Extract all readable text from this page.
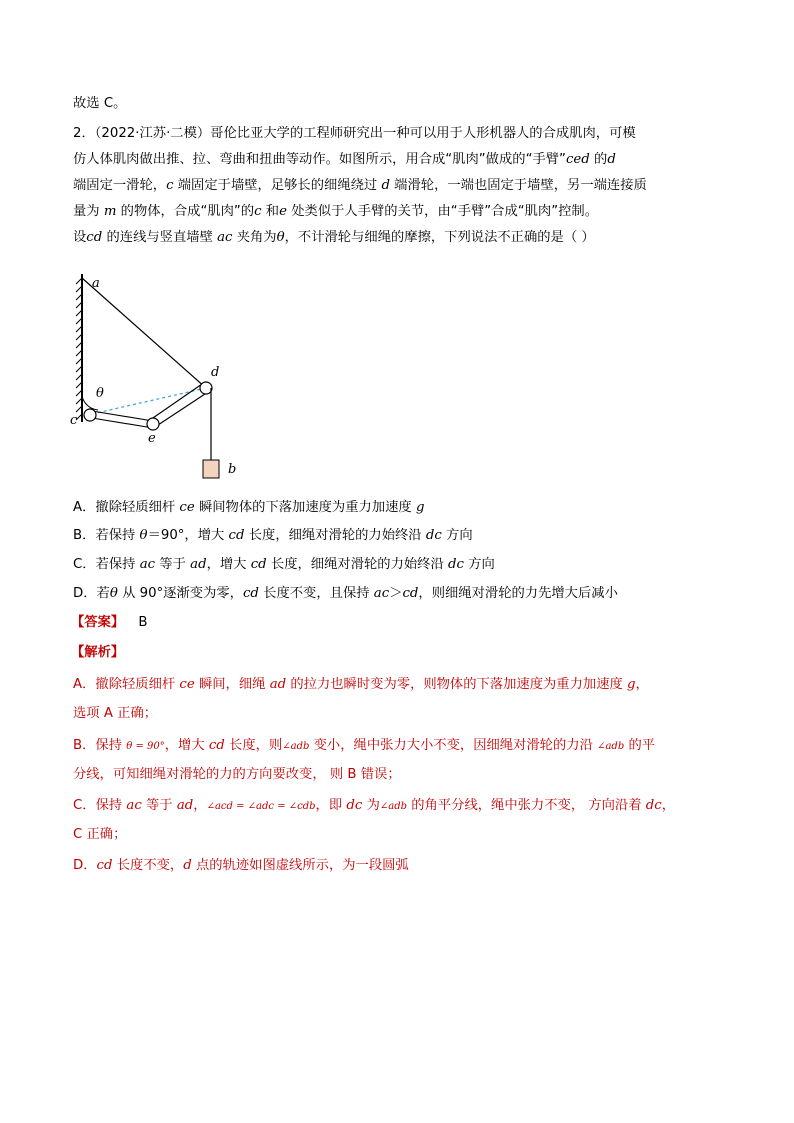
故选 C。
2．（2022·江苏·二模）哥伦比亚大学的工程师研究出一种可以用于人形机器人的合成肌肉，可模
仿人体肌肉做出推、拉、弯曲和扭曲等动作。如图所示，用合成“肌肉”做成的“手臂”ced 的d
端固定一滑轮，c 端固定于墙壁，足够长的细绳绕过 d 端滑轮，一端也固定于墙壁，另一端连接质
量为 m 的物体，合成“肌肉”的c 和e 处类似于人手臂的关节，由“手臂”合成“肌肉”控制。
设cd 的连线与竖直墙壁 ac 夹角为θ，不计滑轮与细绳的摩擦，下列说法不正确的是（ ）
a
d
θ
c
e
b
A．撤除轻质细杆 ce 瞬间物体的下落加速度为重力加速度 g
B．若保持 θ＝90°，增大 cd 长度，细绳对滑轮的力始终沿 dc 方向
C．若保持 ac 等于 ad，增大 cd 长度，细绳对滑轮的力始终沿 dc 方向
D．若θ 从 90°逐渐变为零，cd 长度不变，且保持 ac＞cd，则细绳对滑轮的力先增大后减小
【答案】 B
【解析】
A．撤除轻质细杆 ce 瞬间，细绳 ad 的拉力也瞬时变为零，则物体的下落加速度为重力加速度 g，
选项 A 正确；
B．保持 θ = 90°，增大 cd 长度，则∠adb 变小，绳中张力大小不变，因细绳对滑轮的力沿 ∠adb 的平
分线，可知细绳对滑轮的力的方向要改变， 则 B 错误；
C．保持 ac 等于 ad，∠acd = ∠adc = ∠cdb，即 dc 为∠adb 的角平分线，绳中张力不变， 方向沿着 dc，
C 正确；
D．cd 长度不变，d 点的轨迹如图虚线所示，为一段圆弧
